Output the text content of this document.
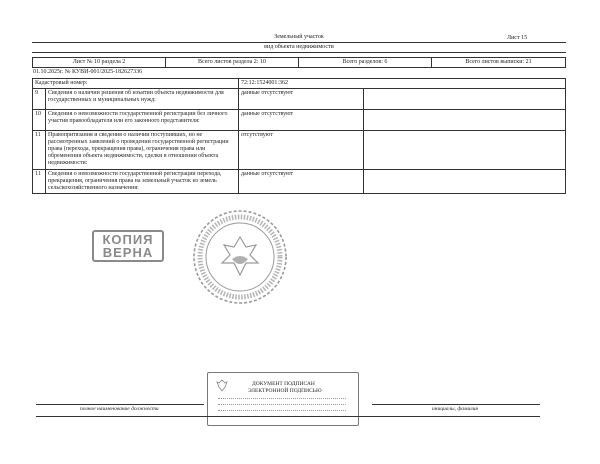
Лист 15
Земельный участок
вид объекта недвижимости
Лист № 10 раздела 2	Всего листов раздела 2: 10	Всего разделов: 6	Всего листов выписки: 21
01.10.2025г. № КУВИ-001/2025-182627336
Кадастровый номер:		72:12:1524001:362	
9	Сведения о наличии решения об изъятии объекта недвижимости для государственных и муниципальных нужд:	данные отсутствуют	
10	Сведения о невозможности государственной регистрации без личного участия правообладателя или его законного представителя:	данные отсутствуют	
11	Правопритязания и сведения о наличии поступивших, но не рассмотренных заявлений о проведении государственной регистрации права (перехода, прекращения права), ограничения права или обременения объекта недвижимости, сделки в отношении объекта недвижимости:	отсутствуют	
11	Сведения о невозможности государственной регистрации перехода, прекращения, ограничения права на земельный участок из земель сельскохозяйственного назначения:	данные отсутствуют	
КОПИЯ
ВЕРНА
полное наименование должности
ДОКУМЕНТ ПОДПИСАН
ЭЛЕКТРОННОЙ ПОДПИСЬЮ
инициалы, фамилия
